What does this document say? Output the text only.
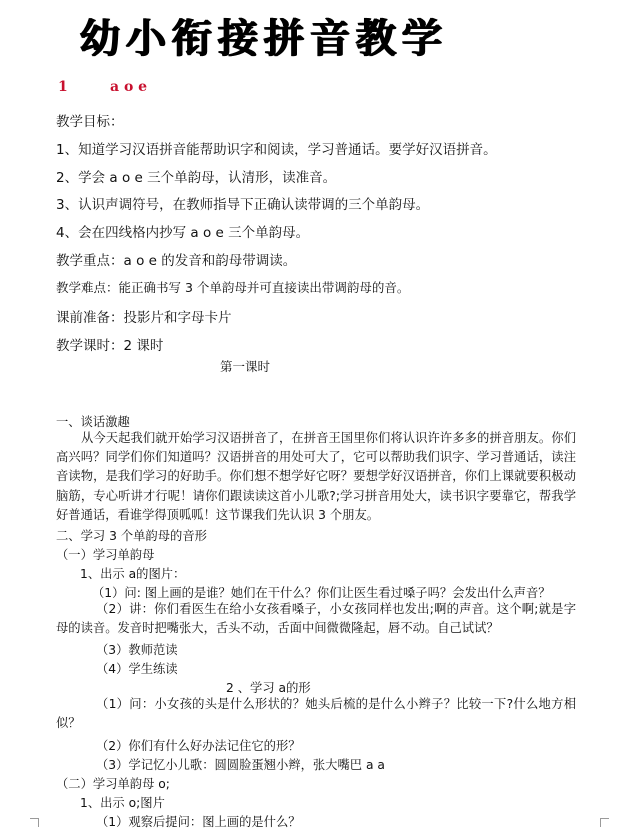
幼小衔接拼音教学
1	a o e
教学目标：
1、知道学习汉语拼音能帮助识字和阅读，学习普通话。要学好汉语拼音。
2、学会 a o e 三个单韵母，认清形，读准音。
3、认识声调符号，在教师指导下正确认读带调的三个单韵母。
4、会在四线格内抄写 a o e 三个单韵母。
教学重点：a o e 的发音和韵母带调读。
教学难点：能正确书写 3 个单韵母并可直接读出带调韵母的音。
课前准备：投影片和字母卡片
教学课时：2 课时
第一课时
一、谈话激趣

从今天起我们就开始学习汉语拼音了，在拼音王国里你们将认识许许多多的拼音朋友。你们高兴吗？同学们你们知道吗？汉语拼音的用处可大了，它可以帮助我们识字、学习普通话，读注音读物，是我们学习的好助手。你们想不想学好它呀？要想学好汉语拼音，你们上课就要积极动脑筋，专心听讲才行呢！请你们跟读读这首小儿歌?;学习拼音用处大，读书识字要靠它，帮我学好普通话，看谁学得顶呱呱！这节课我们先认识 3 个朋友。

二、学习 3 个单韵母的音形
（一）学习单韵母
1、出示 a的图片：
（1）问: 图上画的是谁？她们在干什么？你们让医生看过嗓子吗？会发出什么声音？

（2）讲：你们看医生在给小女孩看嗓子，小女孩同样也发出;啊的声音。这个啊;就是字母的读音。发音时把嘴张大，舌头不动，舌面中间微微隆起，唇不动。自己试试？

（3）教师范读
（4）学生练读
2 、学习 a的形

（1）问：小女孩的头是什么形状的？她头后梳的是什么小辫子？比较一下?什么地方相似？

（2）你们有什么好办法记住它的形？
（3）学记忆小儿歌：圆圆脸蛋翘小辫，张大嘴巴 a a
（二）学习单韵母 o;
1、出示 o;图片
（1）观察后提问：图上画的是什么？
